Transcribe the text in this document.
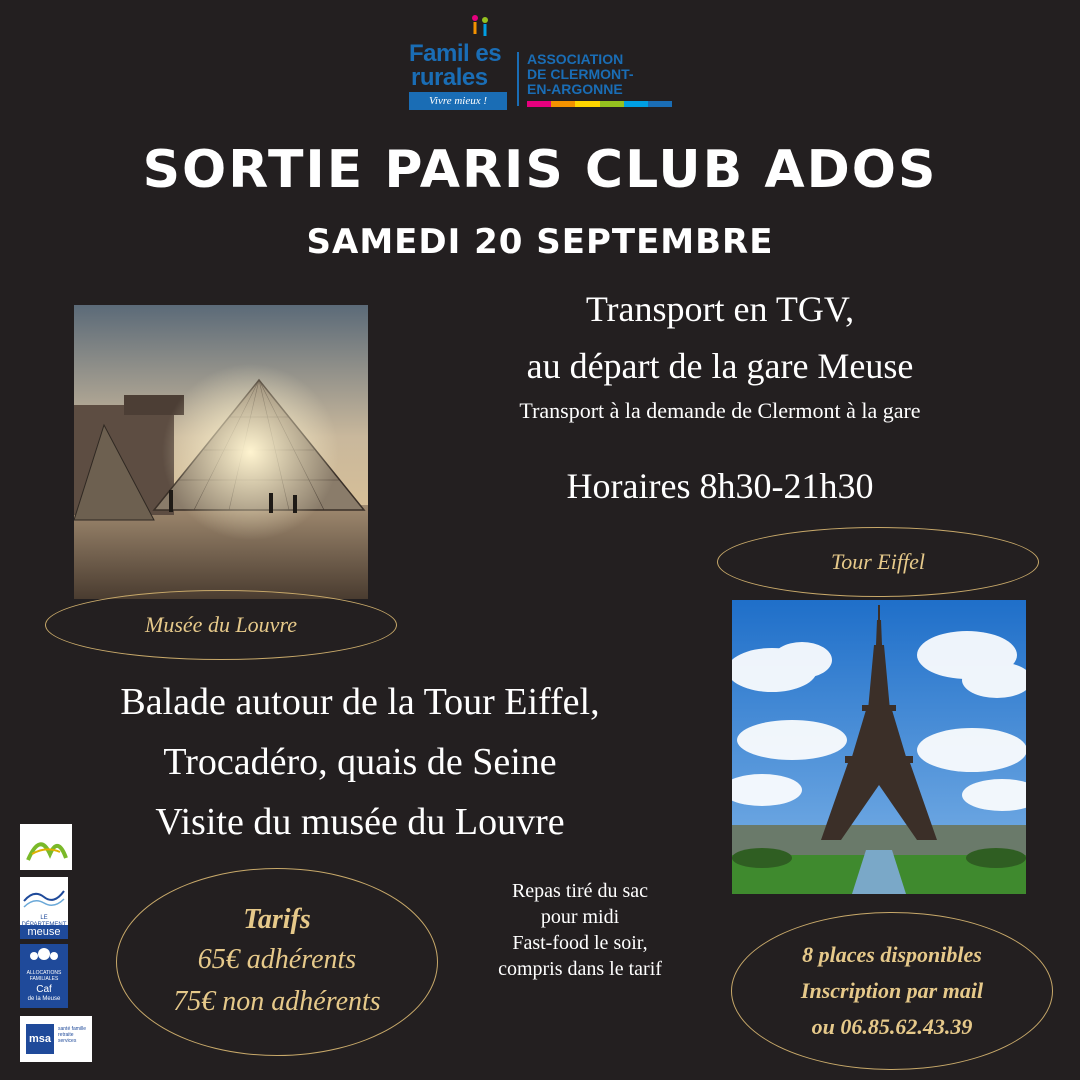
Famil es
rurales
Vivre mieux !
ASSOCIATION
DE CLERMONT-
EN-ARGONNE
SORTIE PARIS CLUB ADOS
SAMEDI 20 SEPTEMBRE
Transport en TGV,
au départ de la gare Meuse
Transport à la demande de Clermont à la gare
Horaires 8h30-21h30
Musée du Louvre
Tour Eiffel
Balade autour de la Tour Eiffel,
Trocadéro, quais de Seine
Visite du musée du Louvre
Tarifs
65€ adhérents
75€ non adhérents
Repas tiré du sac
pour midi
Fast-food le soir,
compris dans le tarif
8 places disponibles
Inscription par mail
ou 06.85.62.43.39
LE
meuse
ALLOCATIONS FAMILIALES
Caf
de la Meuse
msa
santé famille retraite services
